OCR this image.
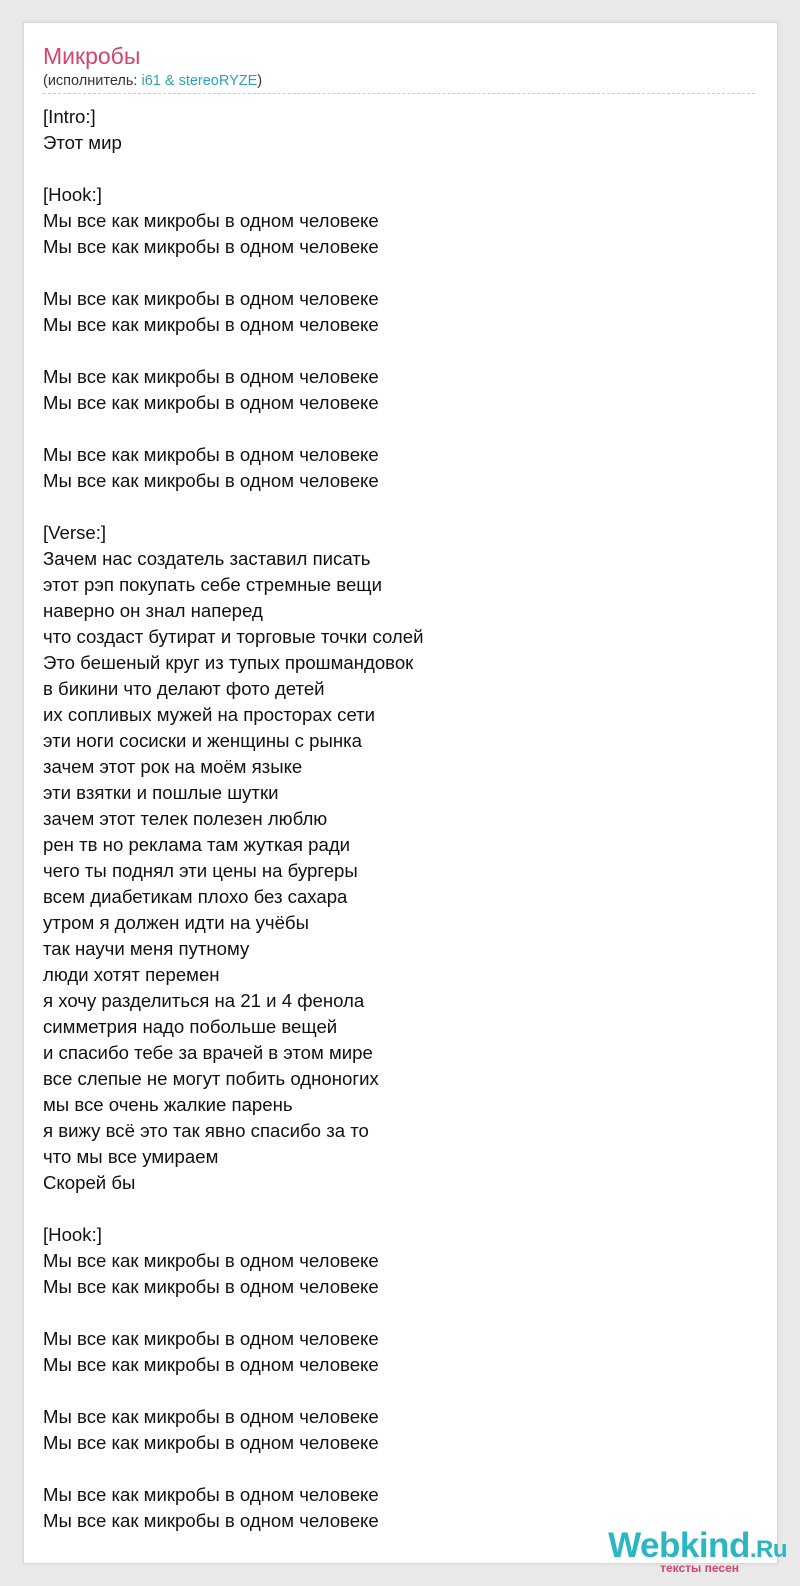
Микробы
(исполнитель: i61 & stereoRYZE)
[Intro:]
Этот мир

[Hook:]
Мы все как микробы в одном человеке
Мы все как микробы в одном человеке

Мы все как микробы в одном человеке
Мы все как микробы в одном человеке

Мы все как микробы в одном человеке
Мы все как микробы в одном человеке

Мы все как микробы в одном человеке
Мы все как микробы в одном человеке

[Verse:]
Зачем нас создатель заставил писать
этот рэп покупать себе стремные вещи
наверно он знал наперед
что создаст бутират и торговые точки солей
Это бешеный круг из тупых прошмандовок
в бикини что делают фото детей
их сопливых мужей на просторах сети
эти ноги сосиски и женщины с рынка
зачем этот рок на моём языке
эти взятки и пошлые шутки
зачем этот телек полезен люблю
рен тв но реклама там жуткая ради
чего ты поднял эти цены на бургеры
всем диабетикам плохо без сахара
утром я должен идти на учёбы
так научи меня путному
люди хотят перемен
я хочу разделиться на 21 и 4 фенола
симметрия надо побольше вещей
и спасибо тебе за врачей в этом мире
все слепые не могут побить одноногих
мы все очень жалкие парень
я вижу всё это так явно спасибо за то
что мы все умираем
Скорей бы

[Hook:]
Мы все как микробы в одном человеке
Мы все как микробы в одном человеке

Мы все как микробы в одном человеке
Мы все как микробы в одном человеке

Мы все как микробы в одном человеке
Мы все как микробы в одном человеке

Мы все как микробы в одном человеке
Мы все как микробы в одном человеке
Webkind.Ru
тексты песен
